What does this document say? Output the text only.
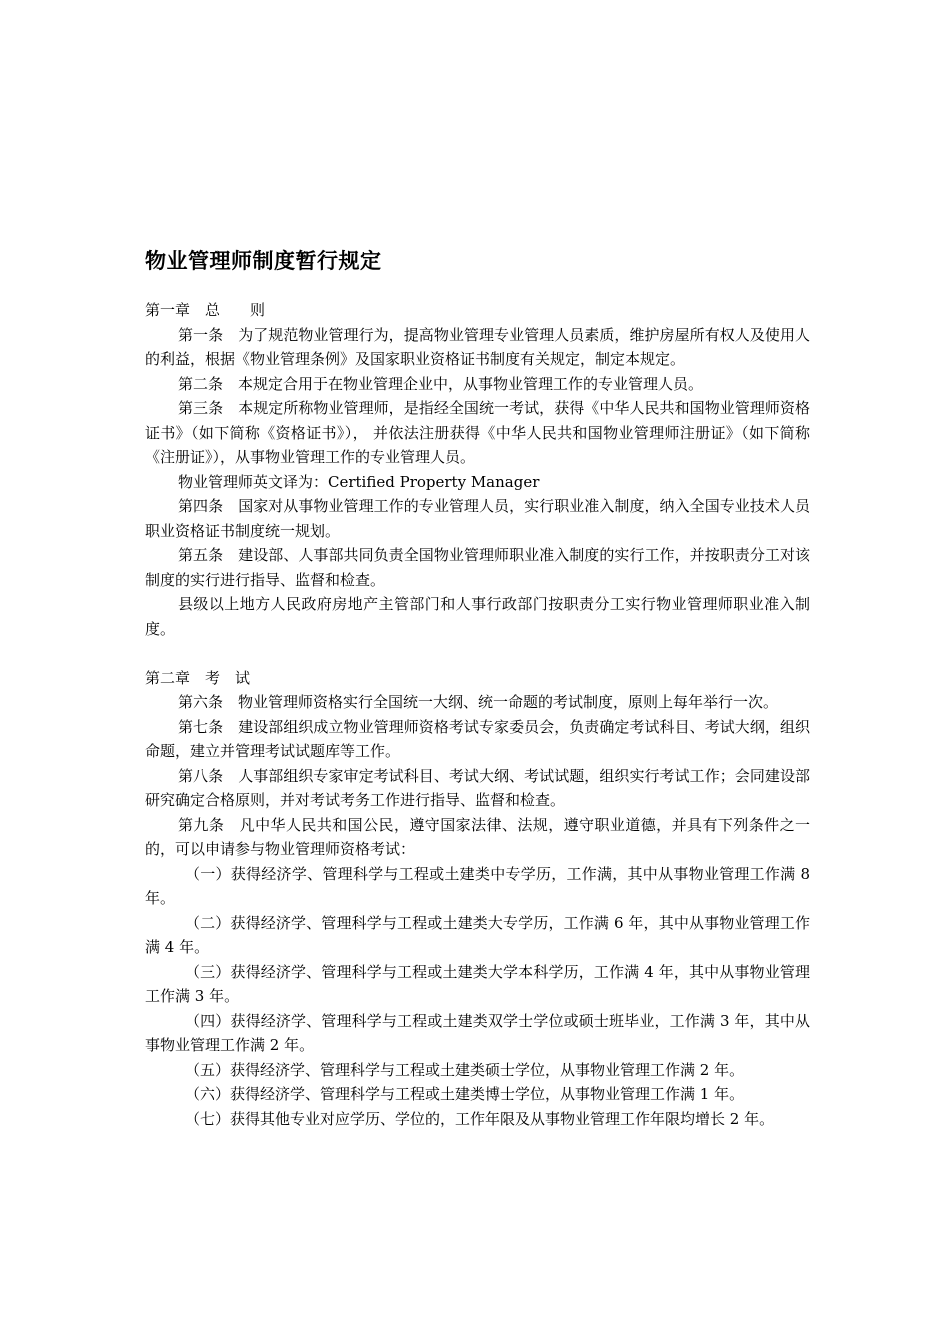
物业管理师制度暂行规定

第一章　总　　则

第一条　为了规范物业管理行为，提高物业管理专业管理人员素质，维护房屋所有权人及使用人的利益，根据《物业管理条例》及国家职业资格证书制度有关规定，制定本规定。

第二条　本规定合用于在物业管理企业中，从事物业管理工作的专业管理人员。

第三条　本规定所称物业管理师，是指经全国统一考试，获得《中华人民共和国物业管理师资格证书》（如下简称《资格证书》）， 并依法注册获得《中华人民共和国物业管理师注册证》（如下简称《注册证》），从事物业管理工作的专业管理人员。

物业管理师英文译为：Certified Property Manager

第四条　国家对从事物业管理工作的专业管理人员，实行职业准入制度，纳入全国专业技术人员职业资格证书制度统一规划。

第五条　建设部、人事部共同负责全国物业管理师职业准入制度的实行工作，并按职责分工对该制度的实行进行指导、监督和检查。

县级以上地方人民政府房地产主管部门和人事行政部门按职责分工实行物业管理师职业准入制度。

第二章　考　试

第六条　物业管理师资格实行全国统一大纲、统一命题的考试制度，原则上每年举行一次。

第七条　建设部组织成立物业管理师资格考试专家委员会，负责确定考试科目、考试大纲，组织命题，建立并管理考试试题库等工作。

第八条　人事部组织专家审定考试科目、考试大纲、考试试题，组织实行考试工作；会同建设部研究确定合格原则，并对考试考务工作进行指导、监督和检查。

第九条　凡中华人民共和国公民，遵守国家法律、法规，遵守职业道德，并具有下列条件之一的，可以申请参与物业管理师资格考试：

（一）获得经济学、管理科学与工程或土建类中专学历，工作满，其中从事物业管理工作满 8 年。

（二）获得经济学、管理科学与工程或土建类大专学历，工作满 6 年，其中从事物业管理工作满 4 年。

（三）获得经济学、管理科学与工程或土建类大学本科学历，工作满 4 年，其中从事物业管理工作满 3 年。

（四）获得经济学、管理科学与工程或土建类双学士学位或硕士班毕业，工作满 3 年，其中从事物业管理工作满 2 年。

（五）获得经济学、管理科学与工程或土建类硕士学位，从事物业管理工作满 2 年。

（六）获得经济学、管理科学与工程或土建类博士学位，从事物业管理工作满 1 年。

（七）获得其他专业对应学历、学位的，工作年限及从事物业管理工作年限均增长 2 年。
